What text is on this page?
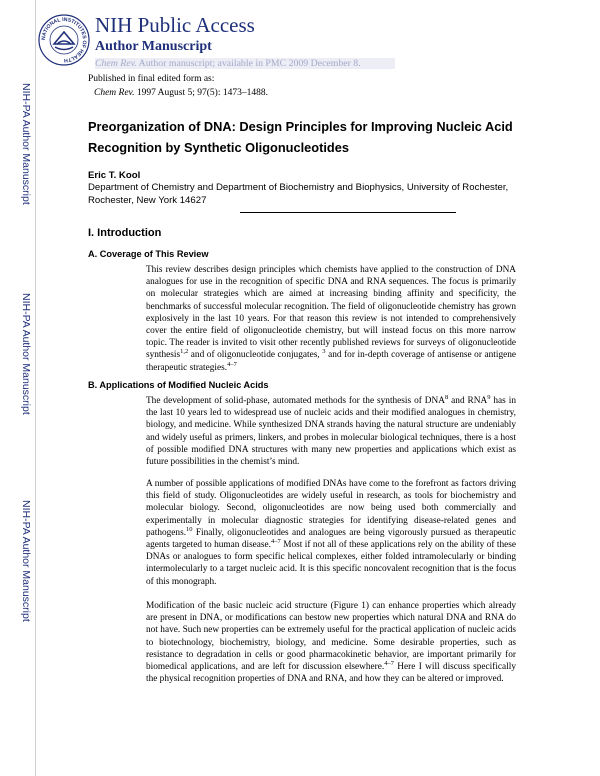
NIH-PA Author Manuscript
NIH-PA Author Manuscript
NIH-PA Author Manuscript
NATIONAL INSTITUTES OF HEALTH
NIH Public Access
Author Manuscript
Chem Rev. Author manuscript; available in PMC 2009 December 8.
Published in final edited form as:
Chem Rev. 1997 August 5; 97(5): 1473–1488.
Preorganization of DNA: Design Principles for Improving Nucleic Acid Recognition by Synthetic Oligonucleotides
Eric T. Kool
Department of Chemistry and Department of Biochemistry and Biophysics, University of Rochester, Rochester, New York 14627
I. Introduction
A. Coverage of This Review
This review describes design principles which chemists have applied to the construction of DNA analogues for use in the recognition of specific DNA and RNA sequences. The focus is primarily on molecular strategies which are aimed at increasing binding affinity and specificity, the benchmarks of successful molecular recognition. The field of oligonucleotide chemistry has grown explosively in the last 10 years. For that reason this review is not intended to comprehensively cover the entire field of oligonucleotide chemistry, but will instead focus on this more narrow topic. The reader is invited to visit other recently published reviews for surveys of oligonucleotide synthesis$^{1,2}$ and of oligonucleotide conjugates, $^3$ and for in-depth coverage of antisense or antigene therapeutic strategies.$^{4-7}$
B. Applications of Modified Nucleic Acids
The development of solid-phase, automated methods for the synthesis of DNA$^8$ and RNA$^9$ has in the last 10 years led to widespread use of nucleic acids and their modified analogues in chemistry, biology, and medicine. While synthesized DNA strands having the natural structure are undeniably and widely useful as primers, linkers, and probes in molecular biological techniques, there is a host of possible modified DNA structures with many new properties and applications which exist as future possibilities in the chemist’s mind.
A number of possible applications of modified DNAs have come to the forefront as factors driving this field of study. Oligonucleotides are widely useful in research, as tools for biochemistry and molecular biology. Second, oligonucleotides are now being used both commercially and experimentally in molecular diagnostic strategies for identifying disease-related genes and pathogens.$^{10}$ Finally, oligonucleotides and analogues are being vigorously pursued as therapeutic agents targeted to human disease.$^{4-7}$ Most if not all of these applications rely on the ability of these DNAs or analogues to form specific helical complexes, either folded intramolecularly or binding intermolecularly to a target nucleic acid. It is this specific noncovalent recognition that is the focus of this monograph.
Modification of the basic nucleic acid structure (Figure 1) can enhance properties which already are present in DNA, or modifications can bestow new properties which natural DNA and RNA do not have. Such new properties can be extremely useful for the practical application of nucleic acids to biotechnology, biochemistry, biology, and medicine. Some desirable properties, such as resistance to degradation in cells or good pharmacokinetic behavior, are important primarily for biomedical applications, and are left for discussion elsewhere.$^{4-7}$ Here I will discuss specifically the physical recognition properties of DNA and RNA, and how they can be altered or improved.
